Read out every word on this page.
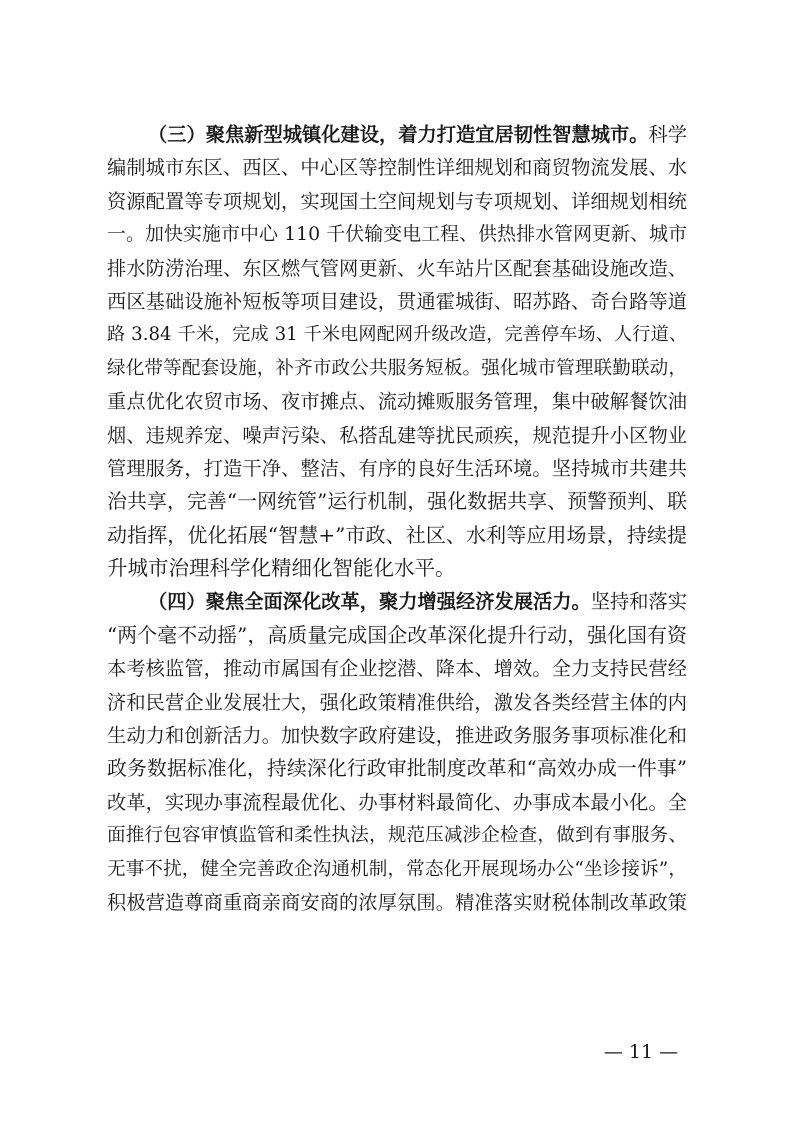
（三）聚焦新型城镇化建设，着力打造宜居韧性智慧城市。科学
编制城市东区、西区、中心区等控制性详细规划和商贸物流发展、水
资源配置等专项规划，实现国土空间规划与专项规划、详细规划相统
一。加快实施市中心 110 千伏输变电工程、供热排水管网更新、城市
排水防涝治理、东区燃气管网更新、火车站片区配套基础设施改造、
西区基础设施补短板等项目建设，贯通霍城街、昭苏路、奇台路等道
路 3.84 千米，完成 31 千米电网配网升级改造，完善停车场、人行道、
绿化带等配套设施，补齐市政公共服务短板。强化城市管理联勤联动，
重点优化农贸市场、夜市摊点、流动摊贩服务管理，集中破解餐饮油
烟、违规养宠、噪声污染、私搭乱建等扰民顽疾，规范提升小区物业
管理服务，打造干净、整洁、有序的良好生活环境。坚持城市共建共
治共享，完善“一网统管”运行机制，强化数据共享、预警预判、联
动指挥，优化拓展“智慧+”市政、社区、水利等应用场景，持续提
升城市治理科学化精细化智能化水平。
（四）聚焦全面深化改革，聚力增强经济发展活力。坚持和落实
“两个毫不动摇”，高质量完成国企改革深化提升行动，强化国有资
本考核监管，推动市属国有企业挖潜、降本、增效。全力支持民营经
济和民营企业发展壮大，强化政策精准供给，激发各类经营主体的内
生动力和创新活力。加快数字政府建设，推进政务服务事项标准化和
政务数据标准化，持续深化行政审批制度改革和“高效办成一件事”
改革，实现办事流程最优化、办事材料最简化、办事成本最小化。全
面推行包容审慎监管和柔性执法，规范压减涉企检查，做到有事服务、
无事不扰，健全完善政企沟通机制，常态化开展现场办公“坐诊接诉”，
积极营造尊商重商亲商安商的浓厚氛围。精准落实财税体制改革政策
— 11 —
